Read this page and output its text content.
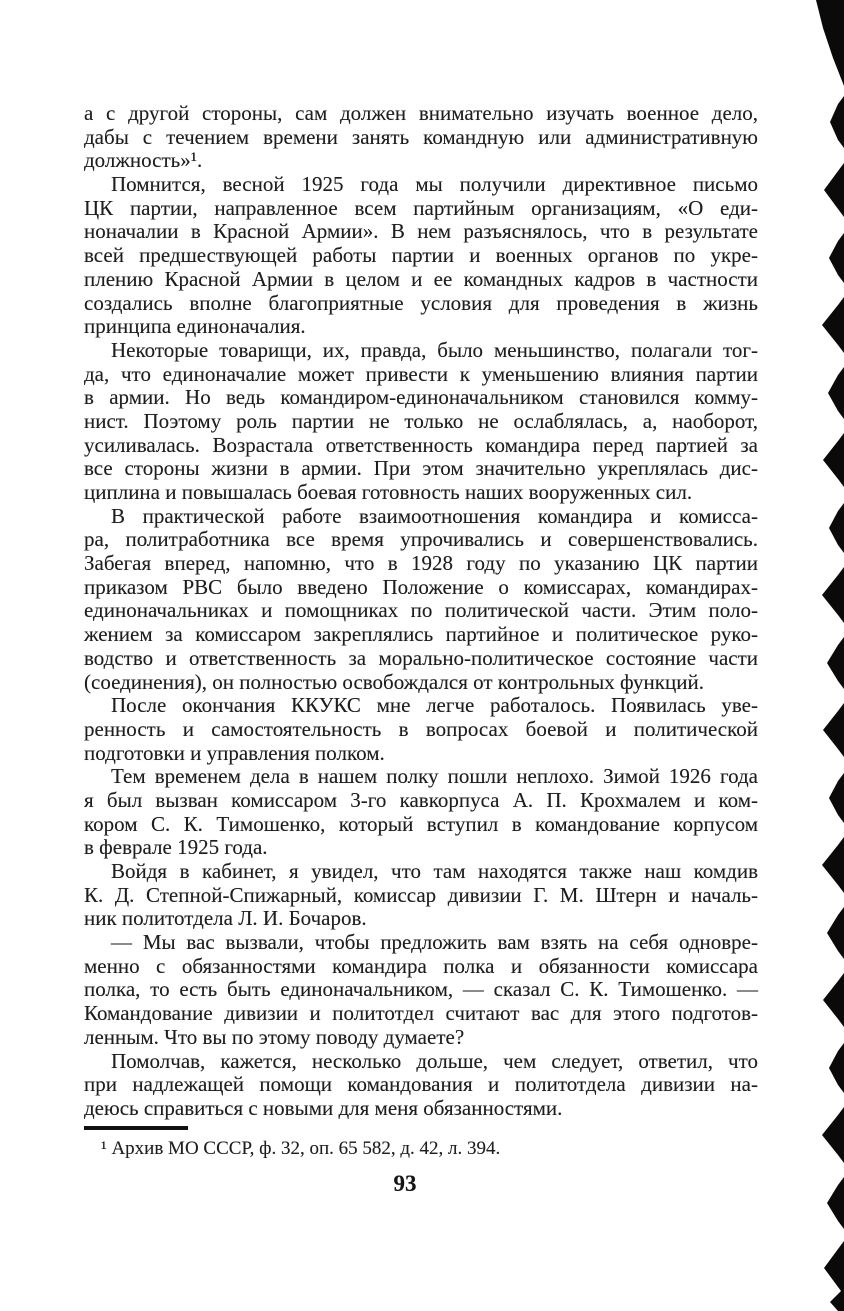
а с другой стороны, сам должен внимательно изучать военное дело,
дабы с течением времени занять командную или административную
должность»¹.
Помнится, весной 1925 года мы получили директивное письмо
ЦК партии, направленное всем партийным организациям, «О еди-
ноначалии в Красной Армии». В нем разъяснялось, что в результате
всей предшествующей работы партии и военных органов по укре-
плению Красной Армии в целом и ее командных кадров в частности
создались вполне благоприятные условия для проведения в жизнь
принципа единоначалия.
Некоторые товарищи, их, правда, было меньшинство, полагали тог-
да, что единоначалие может привести к уменьшению влияния партии
в армии. Но ведь командиром-единоначальником становился комму-
нист. Поэтому роль партии не только не ослаблялась, а, наоборот,
усиливалась. Возрастала ответственность командира перед партией за
все стороны жизни в армии. При этом значительно укреплялась дис-
циплина и повышалась боевая готовность наших вооруженных сил.
В практической работе взаимоотношения командира и комисса-
ра, политработника все время упрочивались и совершенствовались.
Забегая вперед, напомню, что в 1928 году по указанию ЦК партии
приказом РВС было введено Положение о комиссарах, командирах-
единоначальниках и помощниках по политической части. Этим поло-
жением за комиссаром закреплялись партийное и политическое руко-
водство и ответственность за морально-политическое состояние части
(соединения), он полностью освобождался от контрольных функций.
После окончания ККУКС мне легче работалось. Появилась уве-
ренность и самостоятельность в вопросах боевой и политической
подготовки и управления полком.
Тем временем дела в нашем полку пошли неплохо. Зимой 1926 года
я был вызван комиссаром 3-го кавкорпуса А. П. Крохмалем и ком-
кором С. К. Тимошенко, который вступил в командование корпусом
в феврале 1925 года.
Войдя в кабинет, я увидел, что там находятся также наш комдив
К. Д. Степной-Спижарный, комиссар дивизии Г. М. Штерн и началь-
ник политотдела Л. И. Бочаров.
— Мы вас вызвали, чтобы предложить вам взять на себя одновре-
менно с обязанностями командира полка и обязанности комиссара
полка, то есть быть единоначальником, — сказал С. К. Тимошенко. —
Командование дивизии и политотдел считают вас для этого подготов-
ленным. Что вы по этому поводу думаете?
Помолчав, кажется, несколько дольше, чем следует, ответил, что
при надлежащей помощи командования и политотдела дивизии на-
деюсь справиться с новыми для меня обязанностями.
¹ Архив МО СССР, ф. 32, оп. 65 582, д. 42, л. 394.
93
